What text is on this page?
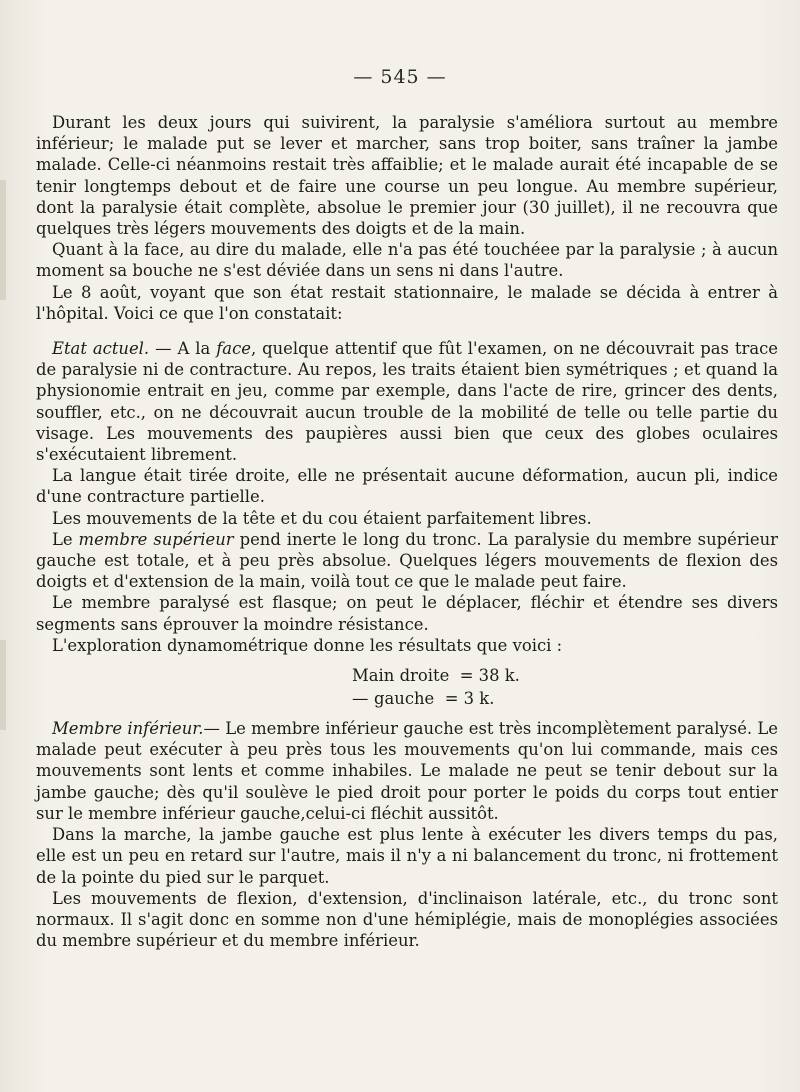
— 545 —

Durant les deux jours qui suivirent, la paralysie s'améliora surtout au membre inférieur; le malade put se lever et marcher, sans trop boiter, sans traîner la jambe malade. Celle-ci néanmoins restait très affaiblie; et le malade aurait été incapable de se tenir longtemps debout et de faire une course un peu longue. Au membre supérieur, dont la paralysie était complète, absolue le premier jour (30 juillet), il ne recouvra que quelques très légers mouvements des doigts et de la main.

Quant à la face, au dire du malade, elle n'a pas été touchéee par la paralysie ; à aucun moment sa bouche ne s'est déviée dans un sens ni dans l'autre.

Le 8 août, voyant que son état restait stationnaire, le malade se décida à entrer à l'hôpital. Voici ce que l'on constatait:

Etat actuel. — A la face, quelque attentif que fût l'examen, on ne découvrait pas trace de paralysie ni de contracture. Au repos, les traits étaient bien symétriques ; et quand la physionomie entrait en jeu, comme par exemple, dans l'acte de rire, grincer des dents, souffler, etc., on ne découvrait aucun trouble de la mobilité de telle ou telle partie du visage. Les mouvements des paupières aussi bien que ceux des globes oculaires s'exécutaient librement.

La langue était tirée droite, elle ne présentait aucune déformation, aucun pli, indice d'une contracture partielle.

Les mouvements de la tête et du cou étaient parfaitement libres.

Le membre supérieur pend inerte le long du tronc. La paralysie du membre supérieur gauche est totale, et à peu près absolue. Quelques légers mouvements de flexion des doigts et d'extension de la main, voilà tout ce que le malade peut faire.

Le membre paralysé est flasque; on peut le déplacer, fléchir et étendre ses divers segments sans éprouver la moindre résistance.

L'exploration dynamométrique donne les résultats que voici :

Main droite = 38 k.

— gauche = 3 k.

Membre inférieur.— Le membre inférieur gauche est très incomplètement paralysé. Le malade peut exécuter à peu près tous les mouvements qu'on lui commande, mais ces mouvements sont lents et comme inhabiles. Le malade ne peut se tenir debout sur la jambe gauche; dès qu'il soulève le pied droit pour porter le poids du corps tout entier sur le membre inférieur gauche,celui-ci fléchit aussitôt.

Dans la marche, la jambe gauche est plus lente à exécuter les divers temps du pas, elle est un peu en retard sur l'autre, mais il n'y a ni balancement du tronc, ni frottement de la pointe du pied sur le parquet.

Les mouvements de flexion, d'extension, d'inclinaison latérale, etc., du tronc sont normaux. Il s'agit donc en somme non d'une hémiplégie, mais de monoplégies associées du membre supérieur et du membre inférieur.
